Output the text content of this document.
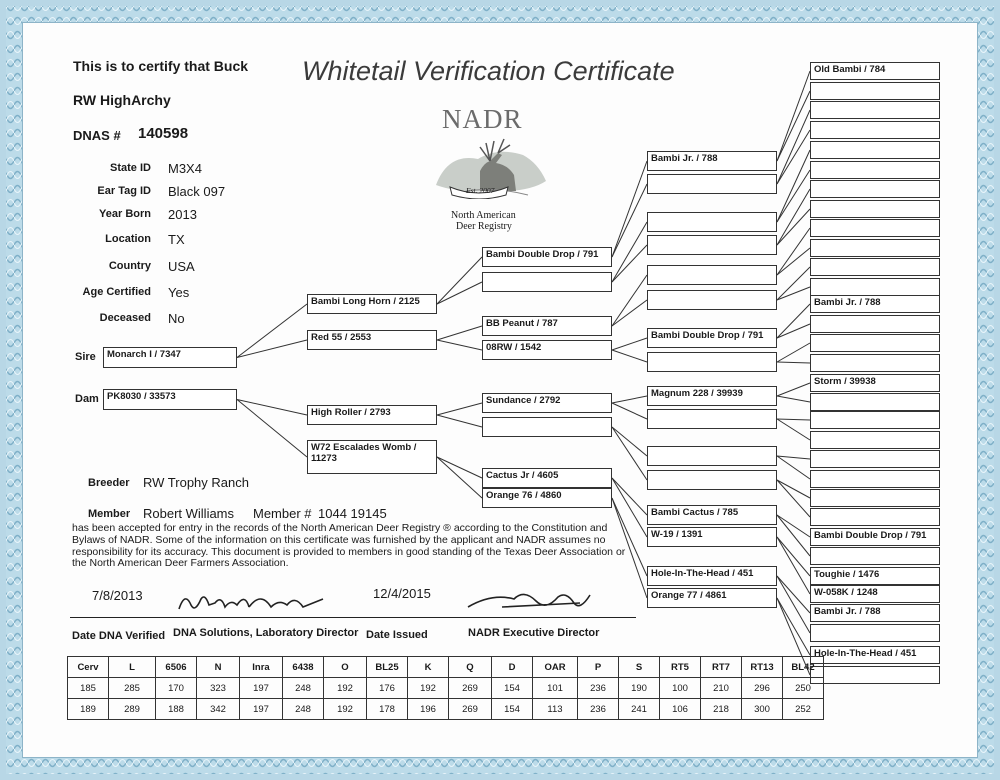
Whitetail Verification Certificate
This is to certify that Buck
RW HighArchy
DNAS # 140598
State ID M3X4
Ear Tag ID Black 097
Year Born 2013
Location TX
Country USA
Age Certified Yes
Deceased No
NADR
Est. 2007
North American
Deer Registry
Sire
Dam
Monarch I / 7347
PK8030 / 33573
Bambi Long Horn / 2125
Red 55 / 2553
High Roller / 2793
W72 Escalades Womb / 11273
Bambi Double Drop / 791
BB Peanut / 787
08RW / 1542
Sundance / 2792
Cactus Jr / 4605
Orange 76 / 4860
Bambi Jr. / 788
Bambi Double Drop / 791
Magnum 228 / 39939
Bambi Cactus / 785
W-19 / 1391
Hole-In-The-Head / 451
Orange 77 / 4861
Old Bambi / 784
Bambi Jr. / 788
Storm / 39938
Bambi Double Drop / 791
Toughie / 1476
W-058K / 1248
Bambi Jr. / 788
Hole-In-The-Head / 451
Breeder RW Trophy Ranch
Member Robert Williams Member # 1044 19145
has been accepted for entry in the records of the North American Deer Registry ® according to the Constitution and Bylaws of NADR. Some of the information on this certificate was furnished by the applicant and NADR assumes no responsibility for its accuracy. This document is provided to members in good standing of the Texas Deer Association or the North American Deer Farmers Association.
7/8/2013	12/4/2015
Date DNA Verified DNA Solutions, Laboratory Director Date Issued	NADR Executive Director
Cerv	L	6506	N	Inra	6438	O	BL25	K	Q	D	OAR	P	S	RT5	RT7	RT13	BL42
185	285	170	323	197	248	192	176	192	269	154	101	236	190	100	210	296	250
189	289	188	342	197	248	192	178	196	269	154	113	236	241	106	218	300	252
